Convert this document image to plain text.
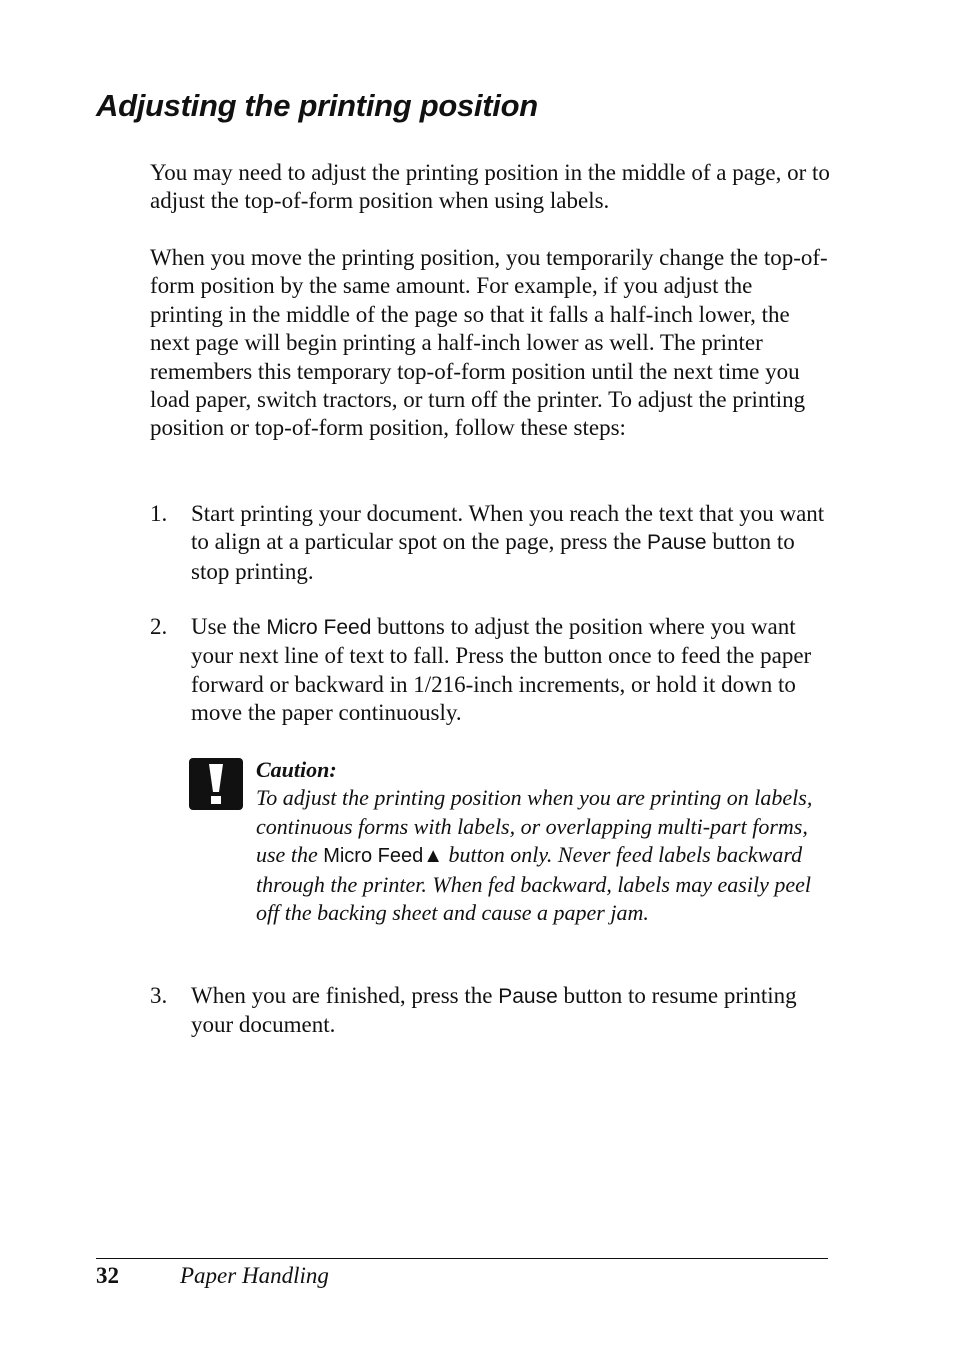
Adjusting the printing position

You may need to adjust the printing position in the middle of a page, or to adjust the top-of-form position when using labels.

When you move the printing position, you temporarily change the top-of-form position by the same amount. For example, if you adjust the printing in the middle of the page so that it falls a half-inch lower, the next page will begin printing a half-inch lower as well. The printer remembers this temporary top-of-form position until the next time you load paper, switch tractors, or turn off the printer. To adjust the printing position or top-of-form position, follow these steps:

1. Start printing your document. When you reach the text that you want to align at a particular spot on the page, press the Pause button to stop printing.
2. Use the Micro Feed buttons to adjust the position where you want your next line of text to fall. Press the button once to feed the paper forward or backward in 1/216-inch increments, or hold it down to move the paper continuously.
Caution:
To adjust the printing position when you are printing on labels, continuous forms with labels, or overlapping multi-part forms, use the Micro Feed▲ button only. Never feed labels backward through the printer. When fed backward, labels may easily peel off the backing sheet and cause a paper jam.
3. When you are finished, press the Pause button to resume printing your document.
32	Paper Handling
